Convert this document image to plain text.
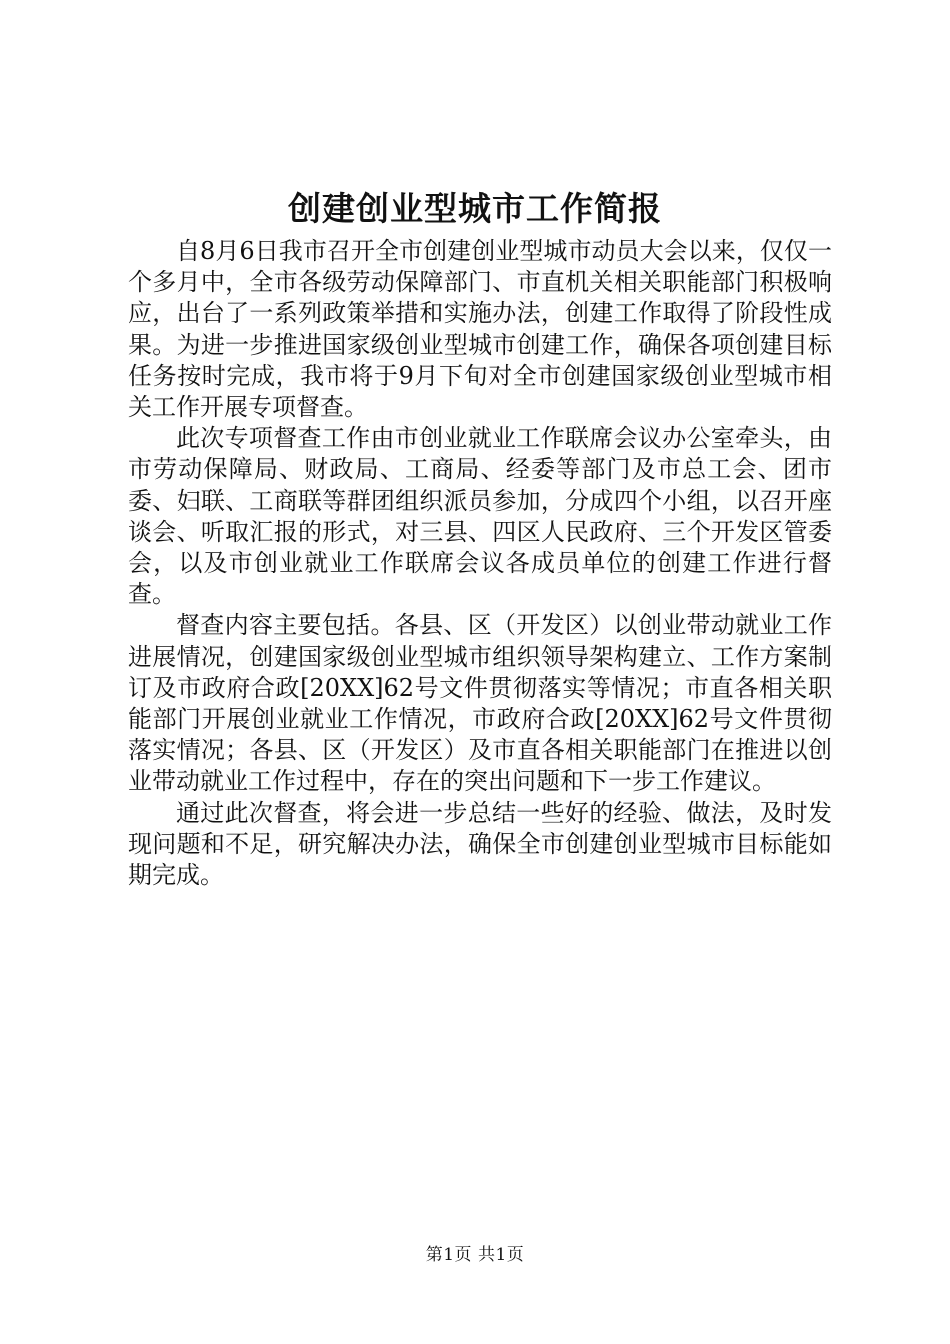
创建创业型城市工作简报

自8月6日我市召开全市创建创业型城市动员大会以来，仅仅一个多月中，全市各级劳动保障部门、市直机关相关职能部门积极响应，出台了一系列政策举措和实施办法，创建工作取得了阶段性成果。为进一步推进国家级创业型城市创建工作，确保各项创建目标任务按时完成，我市将于9月下旬对全市创建国家级创业型城市相关工作开展专项督查。

此次专项督查工作由市创业就业工作联席会议办公室牵头，由市劳动保障局、财政局、工商局、经委等部门及市总工会、团市委、妇联、工商联等群团组织派员参加，分成四个小组，以召开座谈会、听取汇报的形式，对三县、四区人民政府、三个开发区管委会，以及市创业就业工作联席会议各成员单位的创建工作进行督查。

督查内容主要包括。各县、区（开发区）以创业带动就业工作进展情况，创建国家级创业型城市组织领导架构建立、工作方案制订及市政府合政[20XX]62号文件贯彻落实等情况；市直各相关职能部门开展创业就业工作情况，市政府合政[20XX]62号文件贯彻落实情况；各县、区（开发区）及市直各相关职能部门在推进以创业带动就业工作过程中，存在的突出问题和下一步工作建议。

通过此次督查，将会进一步总结一些好的经验、做法，及时发现问题和不足，研究解决办法，确保全市创建创业型城市目标能如期完成。

第1页 共1页
